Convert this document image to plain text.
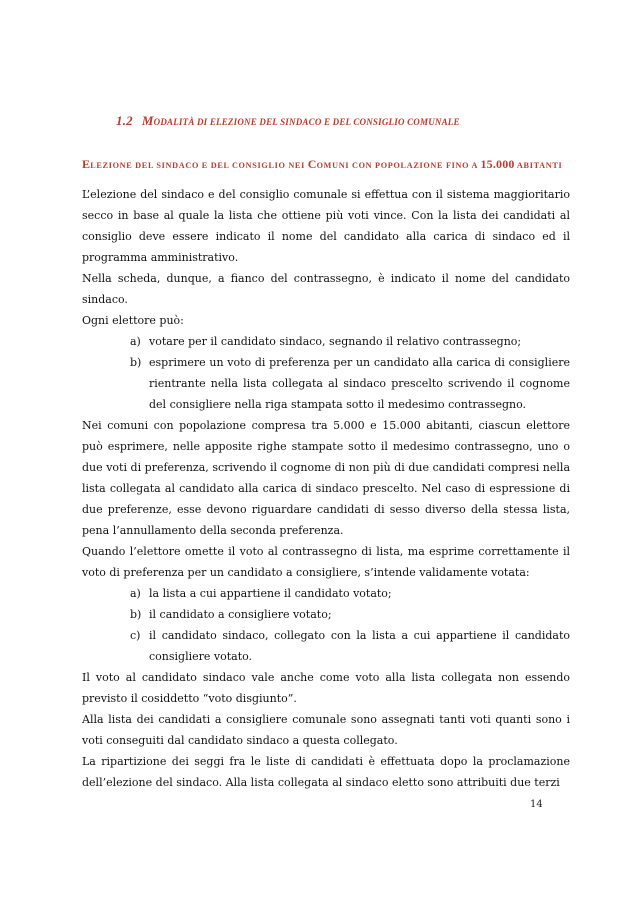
1.2 MODALITÀ DI ELEZIONE DEL SINDACO E DEL CONSIGLIO COMUNALE
ELEZIONE DEL SINDACO E DEL CONSIGLIO NEI COMUNI CON POPOLAZIONE FINO A 15.000 ABITANTI

L’elezione del sindaco e del consiglio comunale si effettua con il sistema maggioritario secco in base al quale la lista che ottiene più voti vince. Con la lista dei candidati al consiglio deve essere indicato il nome del candidato alla carica di sindaco ed il programma amministrativo.

Nella scheda, dunque, a fianco del contrassegno, è indicato il nome del candidato sindaco.

Ogni elettore può:

a) votare per il candidato sindaco, segnando il relativo contrassegno;
b) esprimere un voto di preferenza per un candidato alla carica di consigliere rientrante nella lista collegata al sindaco prescelto scrivendo il cognome del consigliere nella riga stampata sotto il medesimo contrassegno.

Nei comuni con popolazione compresa tra 5.000 e 15.000 abitanti, ciascun elettore può esprimere, nelle apposite righe stampate sotto il medesimo contrassegno, uno o due voti di preferenza, scrivendo il cognome di non più di due candidati compresi nella lista collegata al candidato alla carica di sindaco prescelto. Nel caso di espressione di due preferenze, esse devono riguardare candidati di sesso diverso della stessa lista, pena l’annullamento della seconda preferenza.

Quando l’elettore omette il voto al contrassegno di lista, ma esprime correttamente il voto di preferenza per un candidato a consigliere, s’intende validamente votata:

a) la lista a cui appartiene il candidato votato;
b) il candidato a consigliere votato;
c) il candidato sindaco, collegato con la lista a cui appartiene il candidato consigliere votato.

Il voto al candidato sindaco vale anche come voto alla lista collegata non essendo previsto il cosiddetto “voto disgiunto”.

Alla lista dei candidati a consigliere comunale sono assegnati tanti voti quanti sono i voti conseguiti dal candidato sindaco a questa collegato.

La ripartizione dei seggi fra le liste di candidati è effettuata dopo la proclamazione dell’elezione del sindaco. Alla lista collegata al sindaco eletto sono attribuiti due terzi

14
